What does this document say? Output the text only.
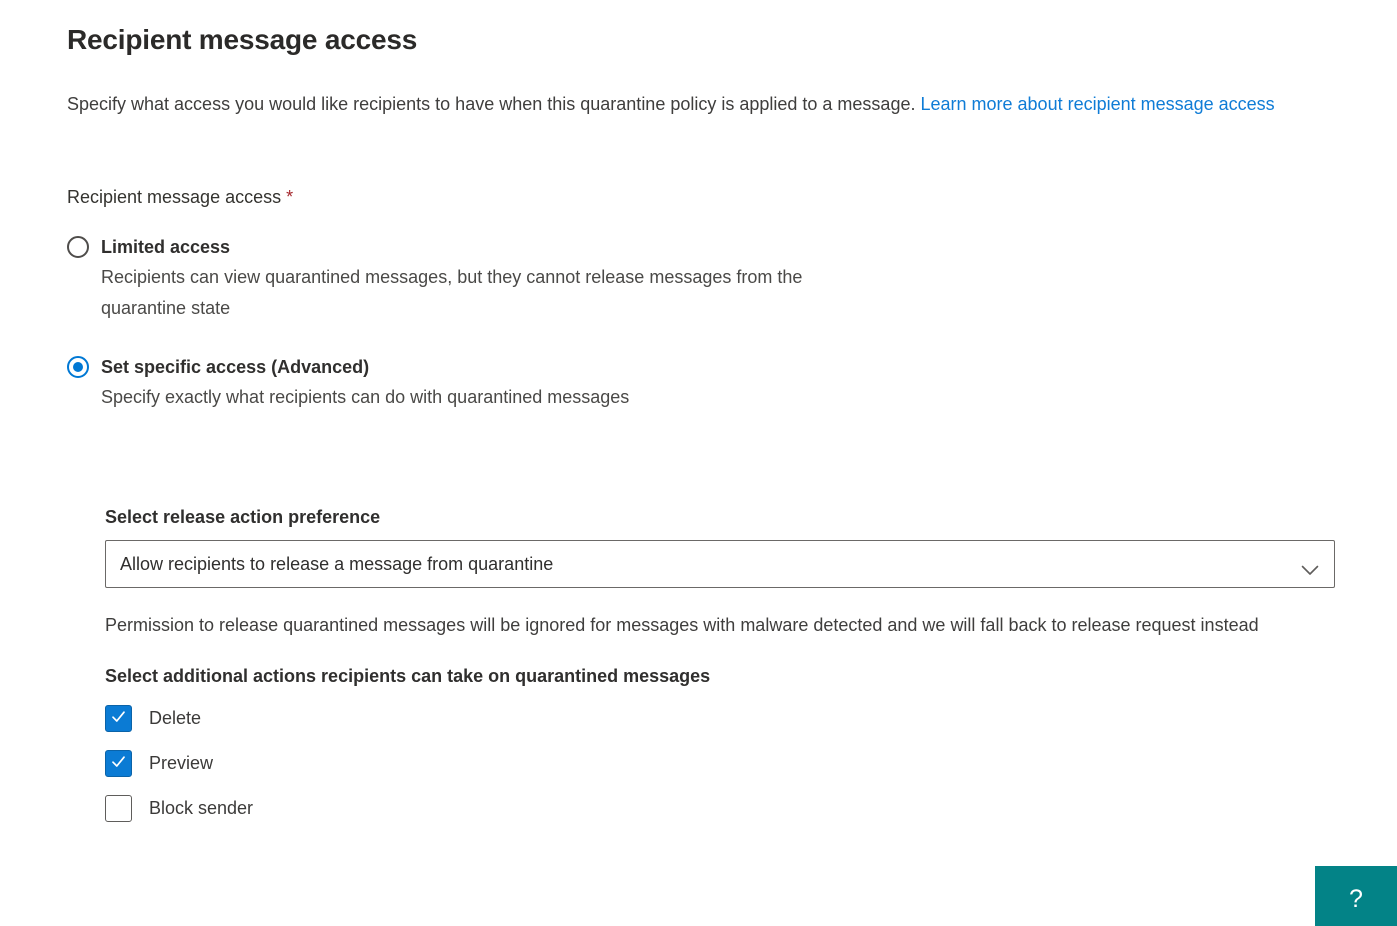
Recipient message access

Specify what access you would like recipients to have when this quarantine policy is applied to a message. Learn more about recipient message access

Recipient message access *
Limited access
Recipients can view quarantined messages, but they cannot release messages from the quarantine state
Set specific access (Advanced)
Specify exactly what recipients can do with quarantined messages
Select release action preference
Allow recipients to release a message from quarantine

Permission to release quarantined messages will be ignored for messages with malware detected and we will fall back to release request instead

Select additional actions recipients can take on quarantined messages
Delete
Preview
Block sender
?
